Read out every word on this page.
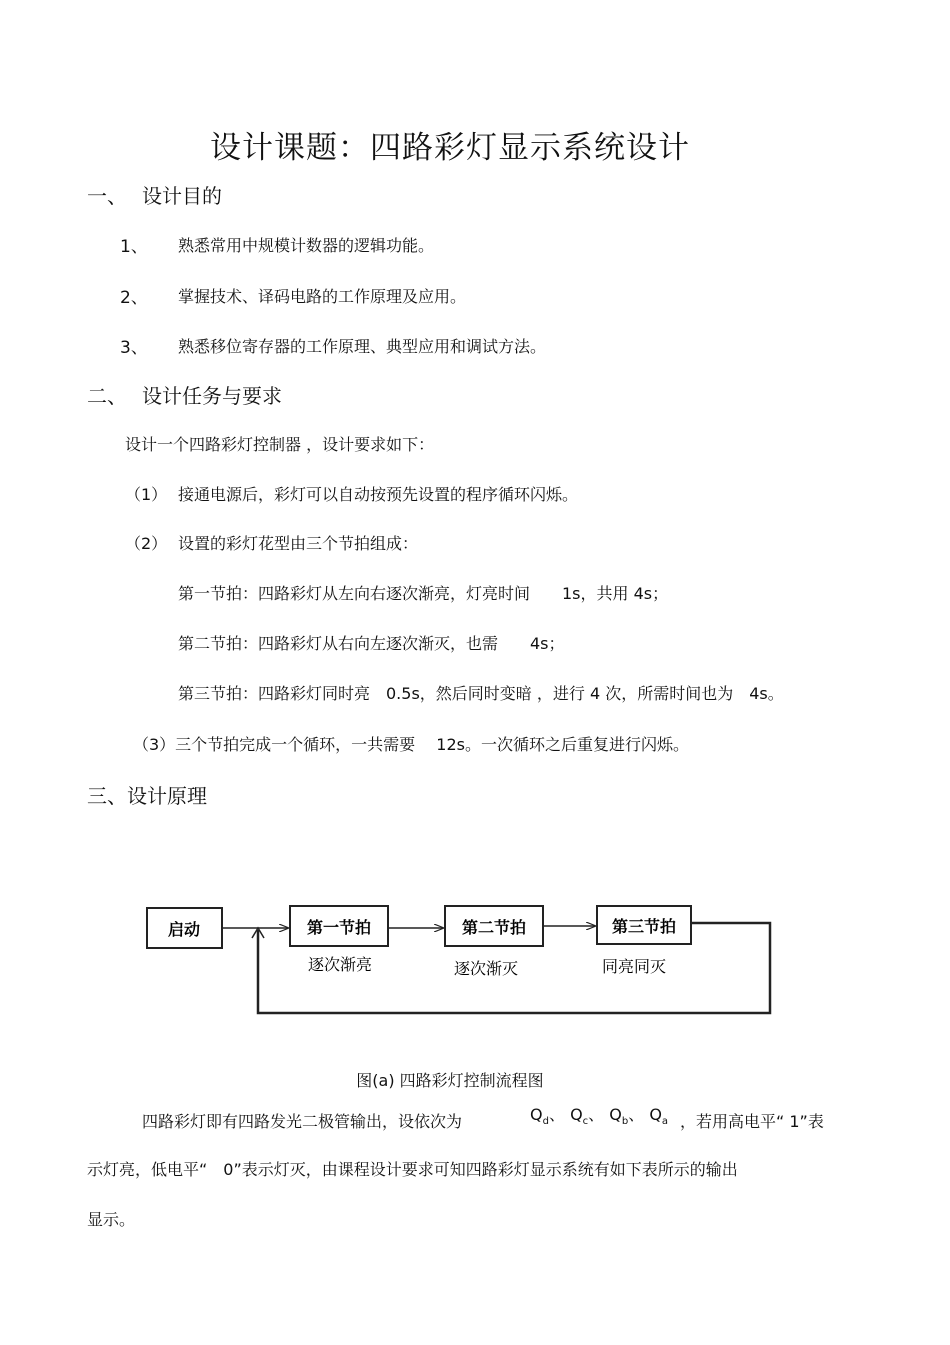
设计课题：四路彩灯显示系统设计
一、 设计目的
1、 熟悉常用中规模计数器的逻辑功能。
2、 掌握技术、译码电路的工作原理及应用。
3、 熟悉移位寄存器的工作原理、典型应用和调试方法。
二、 设计任务与要求
设计一个四路彩灯控制器 ，设计要求如下：
（1） 接通电源后，彩灯可以自动按预先设置的程序循环闪烁。
（2） 设置的彩灯花型由三个节拍组成：
第一节拍：四路彩灯从左向右逐次渐亮，灯亮时间　　1s，共用 4s；
第二节拍：四路彩灯从右向左逐次渐灭，也需　　4s；
第三节拍：四路彩灯同时亮　0.5s，然后同时变暗 ，进行 4 次，所需时间也为　4s。
（3）三个节拍完成一个循环，一共需要　 12s。一次循环之后重复进行闪烁。
三、设计原理
启动	第一节拍	第二节拍	第三节拍
逐次渐亮	逐次渐灭	同亮同灭
图(a) 四路彩灯控制流程图
四路彩灯即有四路发光二极管输出，设依次为	$Q_d$、 $Q_c$、 $Q_b$、 $Q_a$ ，若用高电平“ 1”表
示灯亮，低电平“　0”表示灯灭，由课程设计要求可知四路彩灯显示系统有如下表所示的输出
显示。
